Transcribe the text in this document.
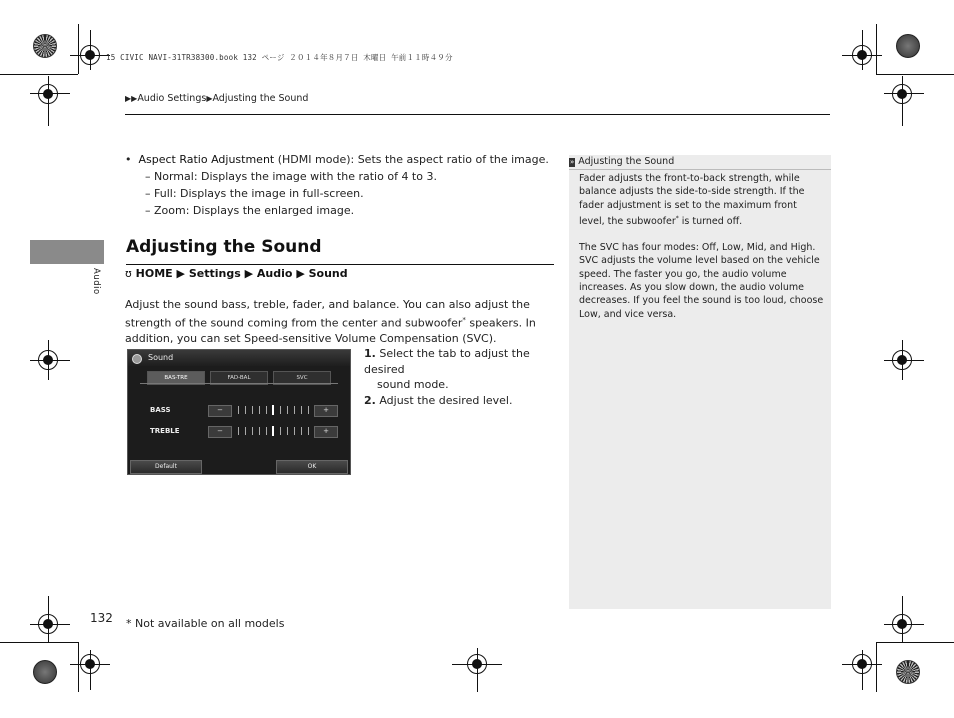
15 CIVIC NAVI-31TR38300.book 132 ページ ２０１４年８月７日 木曜日 午前１１時４９分
▶▶Audio Settings▶Adjusting the Sound
Audio
•  Aspect Ratio Adjustment (HDMI mode): Sets the aspect ratio of the image.
– Normal: Displays the image with the ratio of 4 to 3.
– Full: Displays the image in full-screen.
– Zoom: Displays the enlarged image.
Adjusting the Sound
ʊ HOME ▶ Settings ▶ Audio ▶ Sound
Adjust the sound bass, treble, fader, and balance. You can also adjust the strength of the sound coming from the center and subwoofer* speakers. In addition, you can set Speed-sensitive Volume Compensation (SVC).
Sound
BAS-TRE	FAD-BAL	SVC
BASS	−	+
TREBLE	−	+
Default	OK
1. Select the tab to adjust the desired
sound mode.
2. Adjust the desired level.
» Adjusting the Sound

Fader adjusts the front-to-back strength, while balance adjusts the side-to-side strength. If the fader adjustment is set to the maximum front level, the subwoofer* is turned off.

The SVC has four modes: Off, Low, Mid, and High. SVC adjusts the volume level based on the vehicle speed. The faster you go, the audio volume increases. As you slow down, the audio volume decreases. If you feel the sound is too loud, choose Low, and vice versa.

132 * Not available on all models
